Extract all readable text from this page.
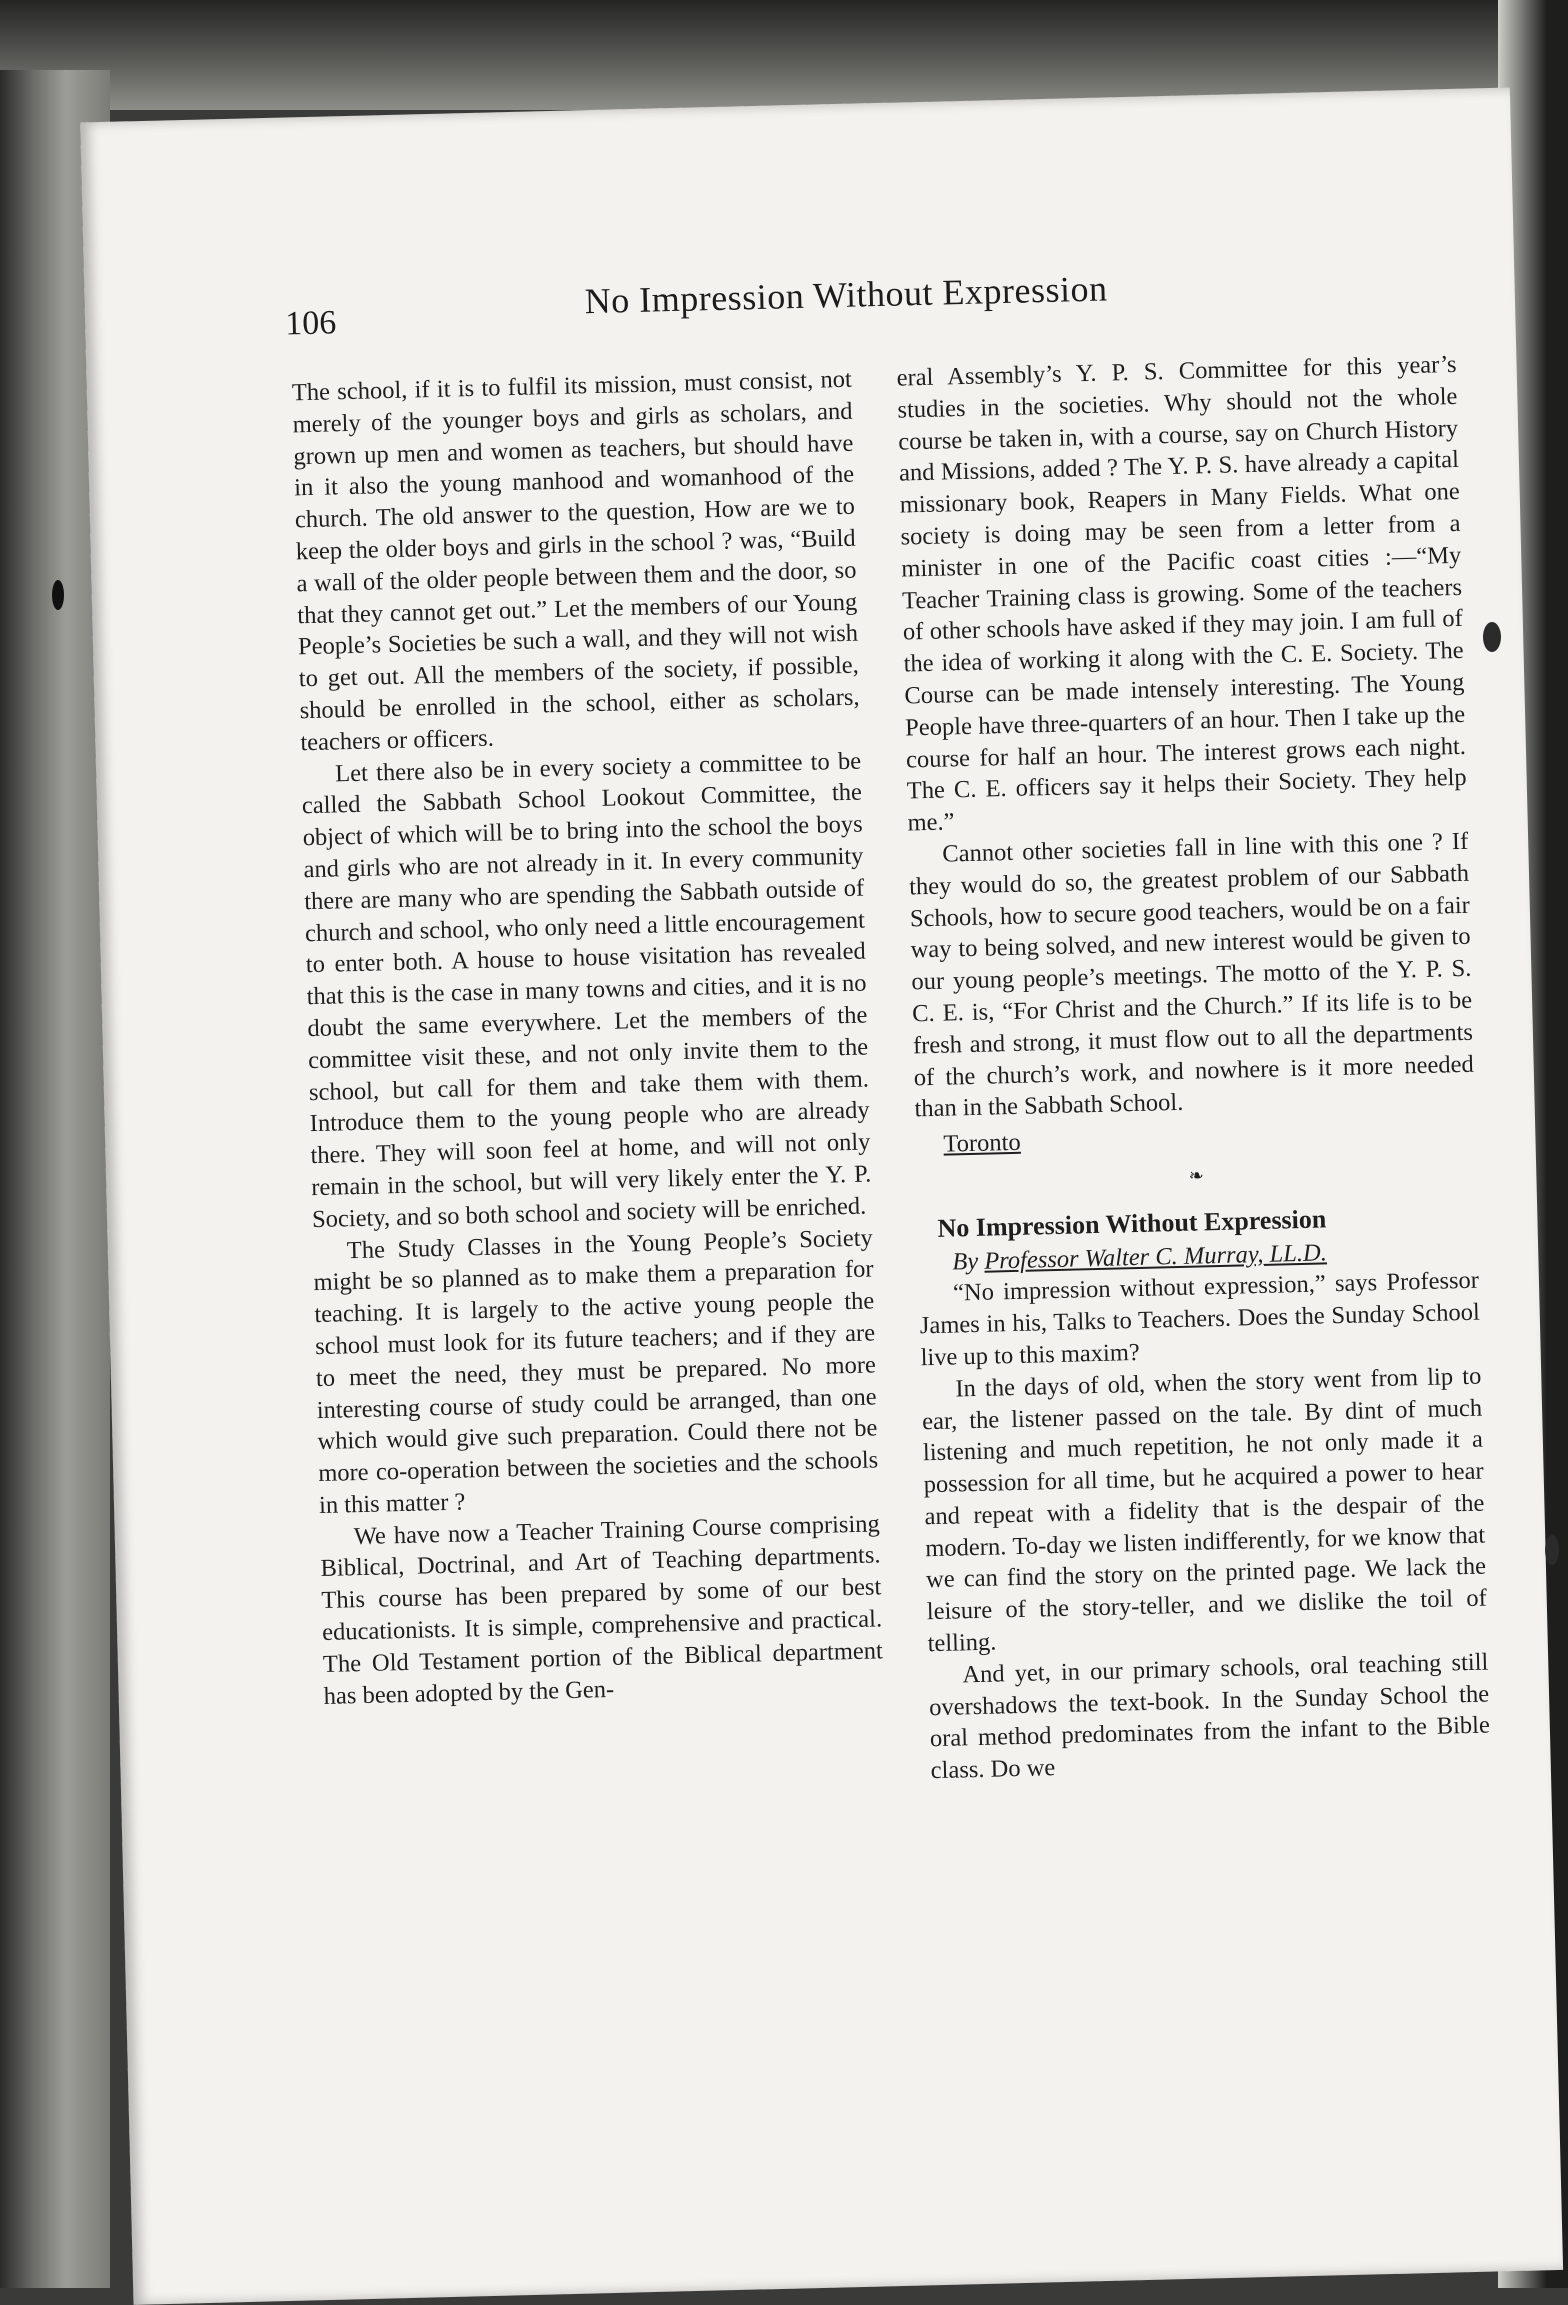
106
No Impression Without Expression

The school, if it is to fulfil its mission, must consist, not merely of the younger boys and girls as scholars, and grown up men and women as teachers, but should have in it also the young manhood and womanhood of the church. The old answer to the question, How are we to keep the older boys and girls in the school ? was, “Build a wall of the older people between them and the door, so that they cannot get out.” Let the members of our Young People’s Societies be such a wall, and they will not wish to get out. All the members of the society, if possible, should be enrolled in the school, either as scholars, teachers or officers.

Let there also be in every society a committee to be called the Sabbath School Lookout Committee, the object of which will be to bring into the school the boys and girls who are not already in it. In every community there are many who are spending the Sabbath outside of church and school, who only need a little encouragement to enter both. A house to house visitation has revealed that this is the case in many towns and cities, and it is no doubt the same everywhere. Let the members of the committee visit these, and not only invite them to the school, but call for them and take them with them. Introduce them to the young people who are already there. They will soon feel at home, and will not only remain in the school, but will very likely enter the Y. P. Society, and so both school and society will be enriched.

The Study Classes in the Young People’s Society might be so planned as to make them a preparation for teaching. It is largely to the active young people the school must look for its future teachers; and if they are to meet the need, they must be prepared. No more interesting course of study could be arranged, than one which would give such preparation. Could there not be more co-operation between the societies and the schools in this matter ?

We have now a Teacher Training Course comprising Biblical, Doctrinal, and Art of Teaching departments. This course has been prepared by some of our best educationists. It is simple, comprehensive and practical. The Old Testament portion of the Biblical department has been adopted by the Gen-

eral Assembly’s Y. P. S. Committee for this year’s studies in the societies. Why should not the whole course be taken in, with a course, say on Church History and Missions, added ? The Y. P. S. have already a capital missionary book, Reapers in Many Fields. What one society is doing may be seen from a letter from a minister in one of the Pacific coast cities :—“My Teacher Training class is growing. Some of the teachers of other schools have asked if they may join. I am full of the idea of working it along with the C. E. Society. The Course can be made intensely interesting. The Young People have three-quarters of an hour. Then I take up the course for half an hour. The interest grows each night. The C. E. officers say it helps their Society. They help me.”

Cannot other societies fall in line with this one ? If they would do so, the greatest problem of our Sabbath Schools, how to secure good teachers, would be on a fair way to being solved, and new interest would be given to our young people’s meetings. The motto of the Y. P. S. C. E. is, “For Christ and the Church.” If its life is to be fresh and strong, it must flow out to all the departments of the church’s work, and nowhere is it more needed than in the Sabbath School.

Toronto
❧
No Impression Without Expression
By Professor Walter C. Murray, LL.D.

“No impression without expression,” says Professor James in his, Talks to Teachers. Does the Sunday School live up to this maxim?

In the days of old, when the story went from lip to ear, the listener passed on the tale. By dint of much listening and much repetition, he not only made it a possession for all time, but he acquired a power to hear and repeat with a fidelity that is the despair of the modern. To-day we listen indifferently, for we know that we can find the story on the printed page. We lack the leisure of the story-teller, and we dislike the toil of telling.

And yet, in our primary schools, oral teaching still overshadows the text-book. In the Sunday School the oral method predominates from the infant to the Bible class. Do we
